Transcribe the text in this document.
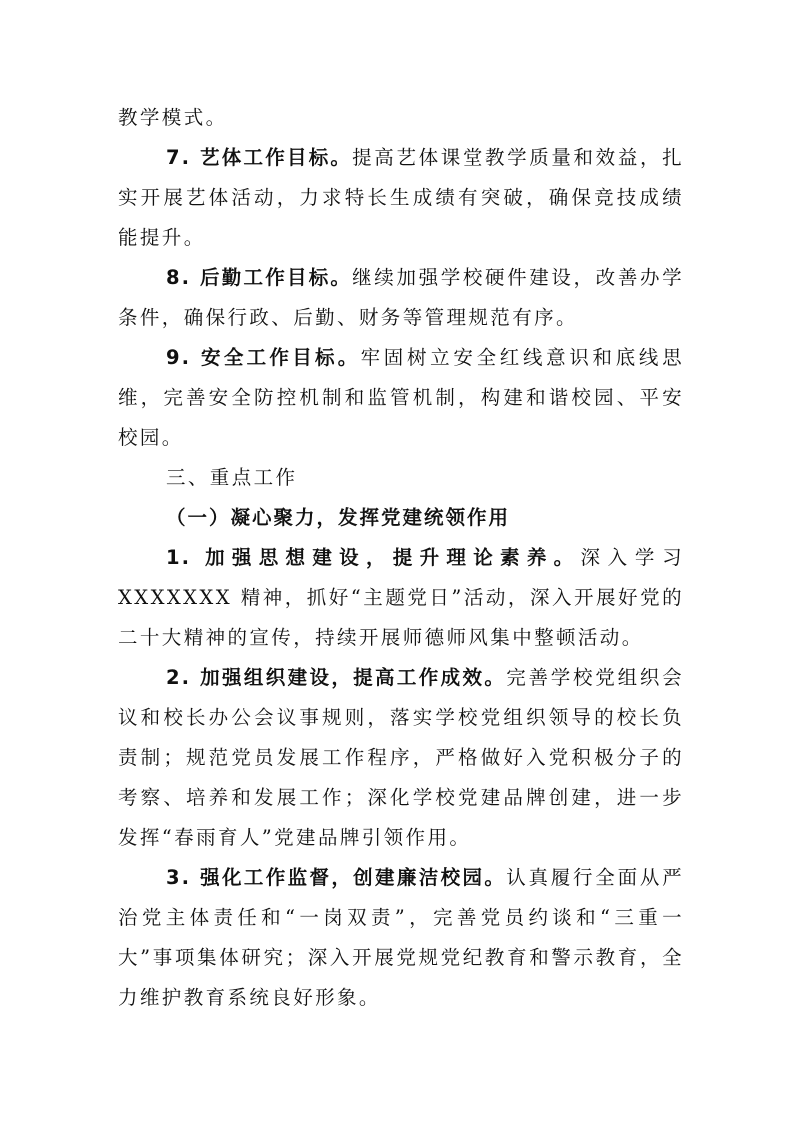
教学模式。

7. 艺体工作目标。提高艺体课堂教学质量和效益，扎实开展艺体活动，力求特长生成绩有突破，确保竞技成绩能提升。

8. 后勤工作目标。继续加强学校硬件建设，改善办学条件，确保行政、后勤、财务等管理规范有序。

9. 安全工作目标。牢固树立安全红线意识和底线思维，完善安全防控机制和监管机制，构建和谐校园、平安校园。

三、重点工作

（一）凝心聚力，发挥党建统领作用

1. 加强思想建设，提升理论素养。深入学习 XXXXXXX 精神，抓好“主题党日”活动，深入开展好党的二十大精神的宣传，持续开展师德师风集中整顿活动。

2. 加强组织建设，提高工作成效。完善学校党组织会议和校长办公会议事规则，落实学校党组织领导的校长负责制；规范党员发展工作程序，严格做好入党积极分子的考察、培养和发展工作；深化学校党建品牌创建，进一步发挥“春雨育人”党建品牌引领作用。

3. 强化工作监督，创建廉洁校园。认真履行全面从严治党主体责任和“一岗双责”，完善党员约谈和“三重一大”事项集体研究；深入开展党规党纪教育和警示教育，全力维护教育系统良好形象。
